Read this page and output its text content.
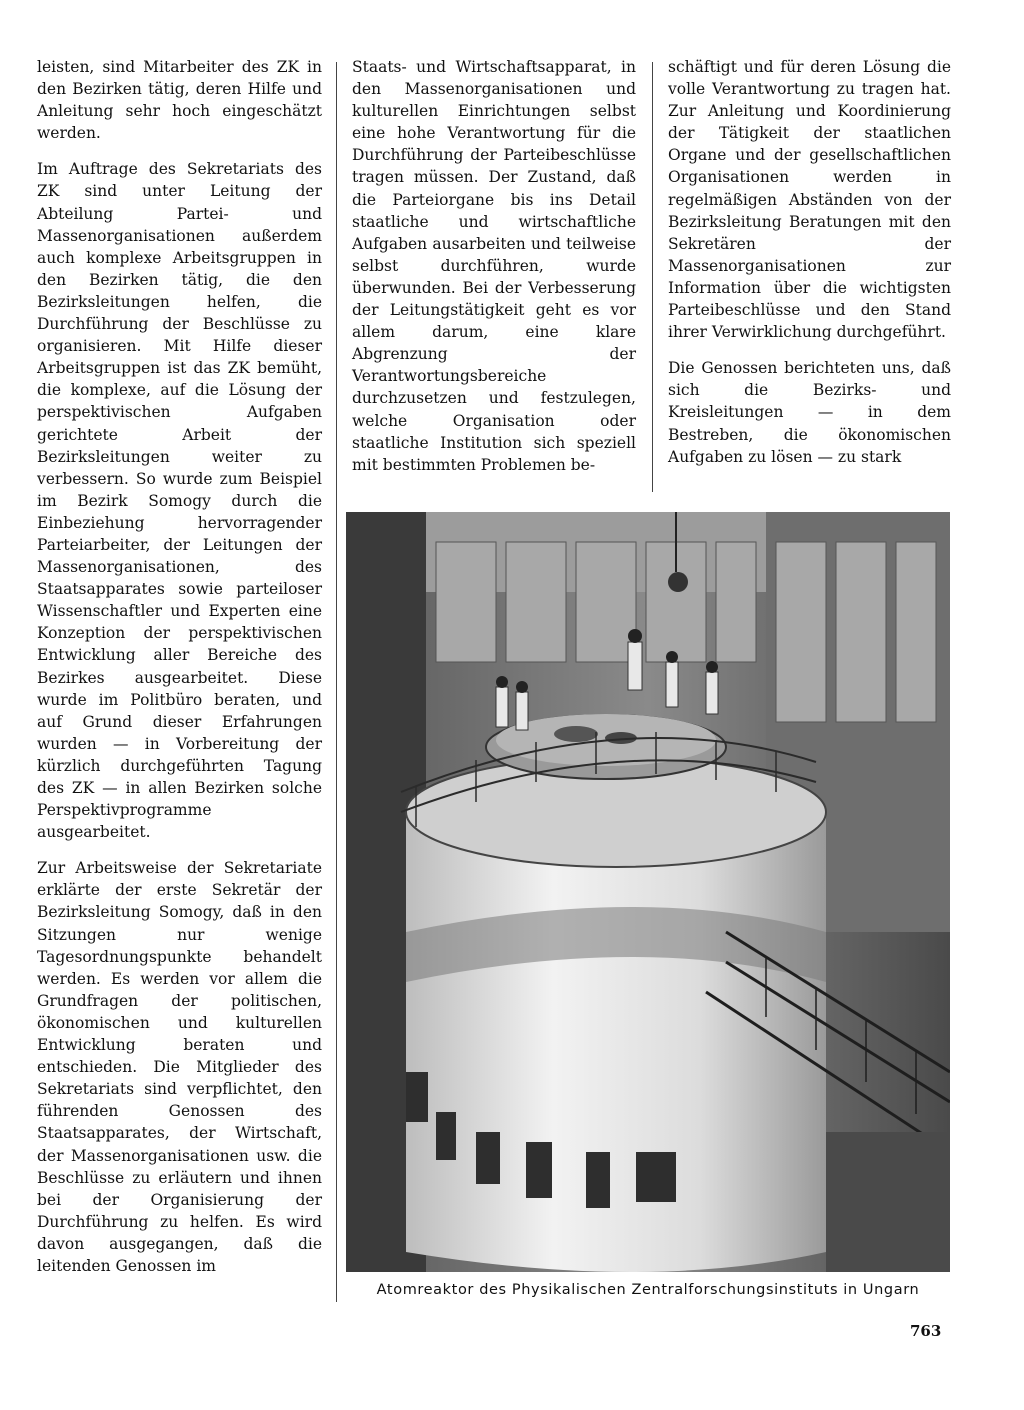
leisten, sind Mitarbeiter des ZK in den Bezirken tätig, deren Hilfe und Anleitung sehr hoch eingeschätzt werden.

Im Auftrage des Sekretariats des ZK sind unter Leitung der Abteilung Partei- und Massenorganisationen außerdem auch komplexe Arbeitsgruppen in den Bezirken tätig, die den Bezirksleitungen helfen, die Durchführung der Beschlüsse zu organisieren. Mit Hilfe dieser Arbeitsgruppen ist das ZK bemüht, die komplexe, auf die Lösung der perspektivischen Aufgaben gerichtete Arbeit der Bezirksleitungen weiter zu verbessern. So wurde zum Beispiel im Bezirk Somogy durch die Einbeziehung hervorragender Parteiarbeiter, der Leitungen der Massenorganisationen, des Staatsapparates sowie parteiloser Wissenschaftler und Experten eine Konzeption der perspektivischen Entwicklung aller Bereiche des Bezirkes ausgearbeitet. Diese wurde im Politbüro beraten, und auf Grund dieser Erfahrungen wurden — in Vorbereitung der kürzlich durchgeführten Tagung des ZK — in allen Bezirken solche Perspektivprogramme ausgearbeitet.

Zur Arbeitsweise der Sekretariate erklärte der erste Sekretär der Bezirksleitung Somogy, daß in den Sitzungen nur wenige Tagesordnungspunkte behandelt werden. Es werden vor allem die Grundfragen der politischen, ökonomischen und kulturellen Entwicklung beraten und entschieden. Die Mitglieder des Sekretariats sind verpflichtet, den führenden Genossen des Staatsapparates, der Wirtschaft, der Massenorganisationen usw. die Beschlüsse zu erläutern und ihnen bei der Organisierung der Durchführung zu helfen. Es wird davon ausgegangen, daß die leitenden Genossen im

Staats- und Wirtschaftsapparat, in den Massenorganisationen und kulturellen Einrichtungen selbst eine hohe Verantwortung für die Durchführung der Parteibeschlüsse tragen müssen. Der Zustand, daß die Parteiorgane bis ins Detail staatliche und wirtschaftliche Aufgaben ausarbeiten und teilweise selbst durchführen, wurde überwunden. Bei der Verbesserung der Leitungstätigkeit geht es vor allem darum, eine klare Abgrenzung der Verantwortungsbereiche durchzusetzen und festzulegen, welche Organisation oder staatliche Institution sich speziell mit bestimmten Problemen be-

schäftigt und für deren Lösung die volle Verantwortung zu tragen hat. Zur Anleitung und Koordinierung der Tätigkeit der staatlichen Organe und der gesellschaftlichen Organisationen werden in regelmäßigen Abständen von der Bezirksleitung Beratungen mit den Sekretären der Massenorganisationen zur Information über die wichtigsten Parteibeschlüsse und den Stand ihrer Verwirklichung durchgeführt.

Die Genossen berichteten uns, daß sich die Bezirks- und Kreisleitungen — in dem Bestreben, die ökonomischen Aufgaben zu lösen — zu stark

Atomreaktor des Physikalischen Zentralforschungsinstituts in Ungarn
763
